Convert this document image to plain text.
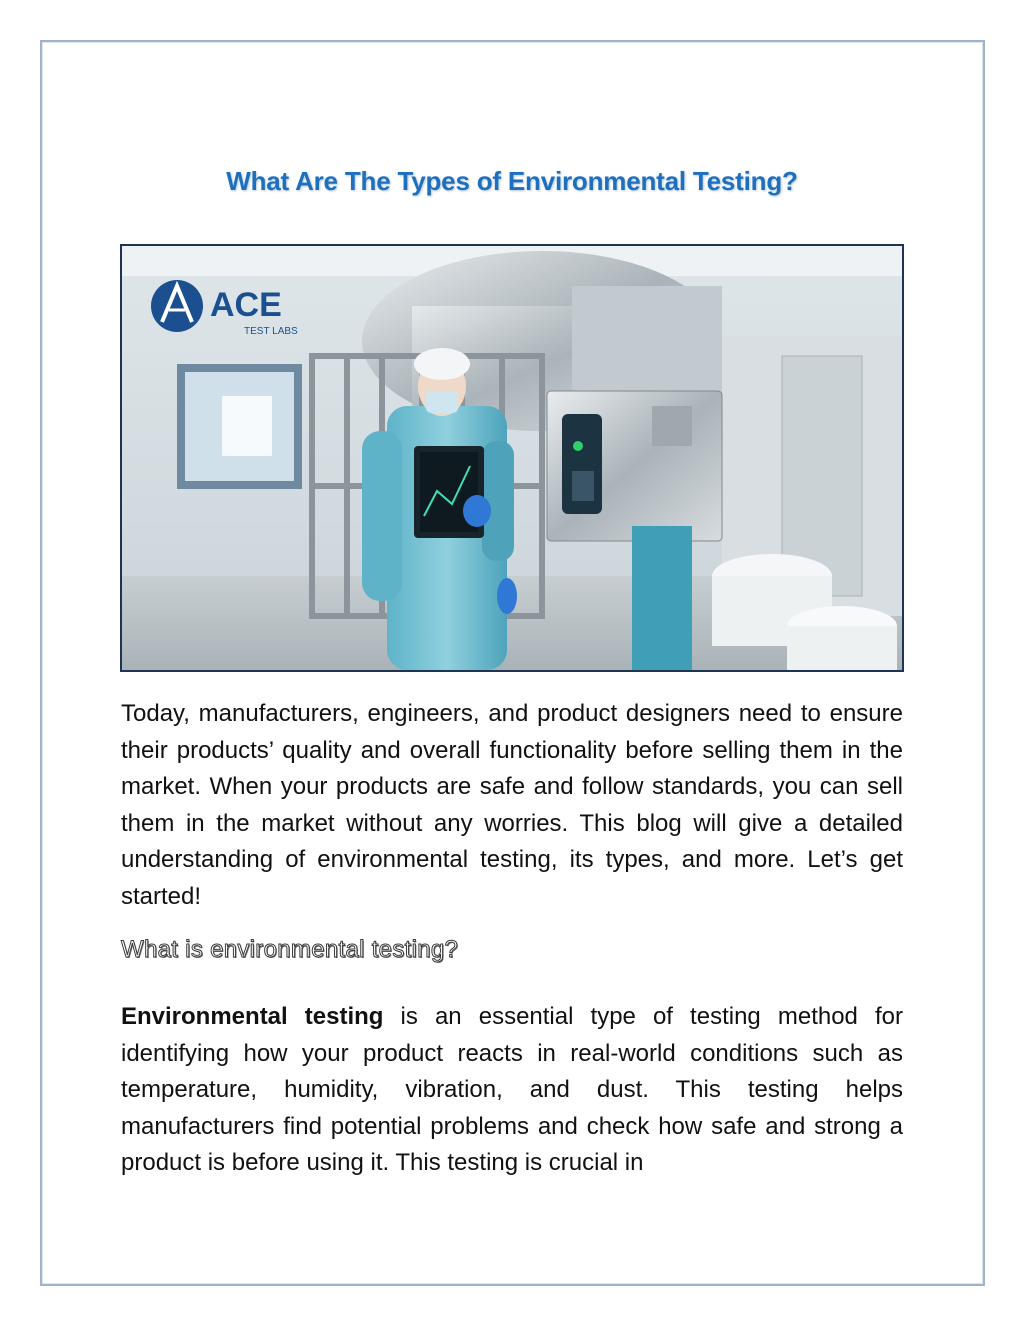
What Are The Types of Environmental Testing?
ACE
TEST LABS
Today, manufacturers, engineers, and product designers need to ensure their products’ quality and overall functionality before selling them in the market. When your products are safe and follow standards, you can sell them in the market without any worries. This blog will give a detailed understanding of environmental testing, its types, and more. Let’s get started!
What is environmental testing?
Environmental testing is an essential type of testing method for identifying how your product reacts in real-world conditions such as temperature, humidity, vibration, and dust. This testing helps manufacturers find potential problems and check how safe and strong a product is before using it. This testing is crucial in
